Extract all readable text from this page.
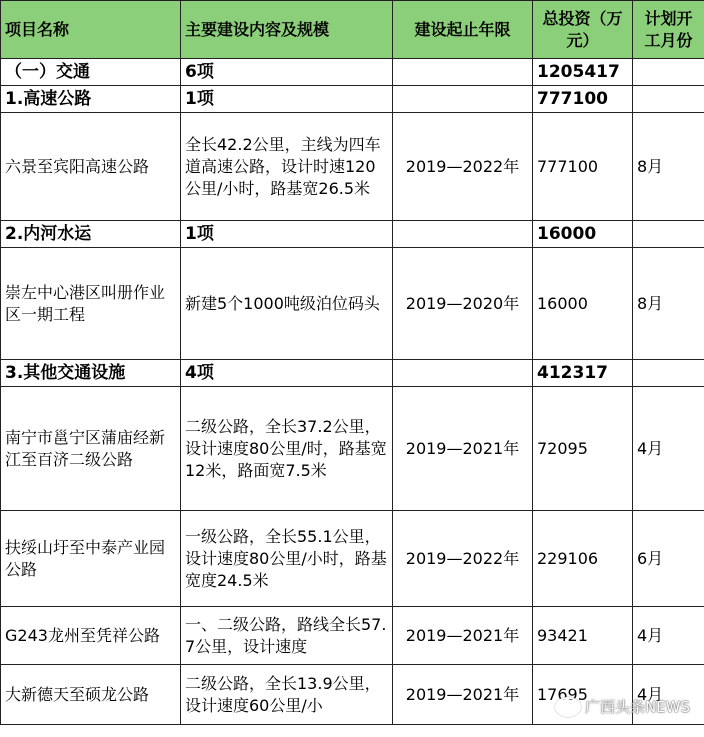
项目名称	主要建设内容及规模	建设起止年限	总投资（万元）	计划开工月份
（一）交通	6项		1205417	
1.高速公路	1项		777100	
六景至宾阳高速公路	全长42.2公里，主线为四车道高速公路，设计时速120公里/小时，路基宽26.5米	2019—2022年	777100	8月
2.内河水运	1项		16000	
崇左中心港区叫册作业区一期工程	新建5个1000吨级泊位码头	2019—2020年	16000	8月
3.其他交通设施	4项		412317	
南宁市邕宁区蒲庙经新江至百济二级公路	二级公路，全长37.2公里，设计速度80公里/时，路基宽12米，路面宽7.5米	2019—2021年	72095	4月
扶绥山圩至中泰产业园公路	一级公路，全长55.1公里，设计速度80公里/小时，路基宽度24.5米	2019—2022年	229106	6月
G243龙州至凭祥公路	一、二级公路，路线全长57.7公里，设计速度	2019—2021年	93421	4月
大新德天至硕龙公路	二级公路，全长13.9公里，设计速度60公里/小	2019—2021年	17695	4月
广西头条NEWS
